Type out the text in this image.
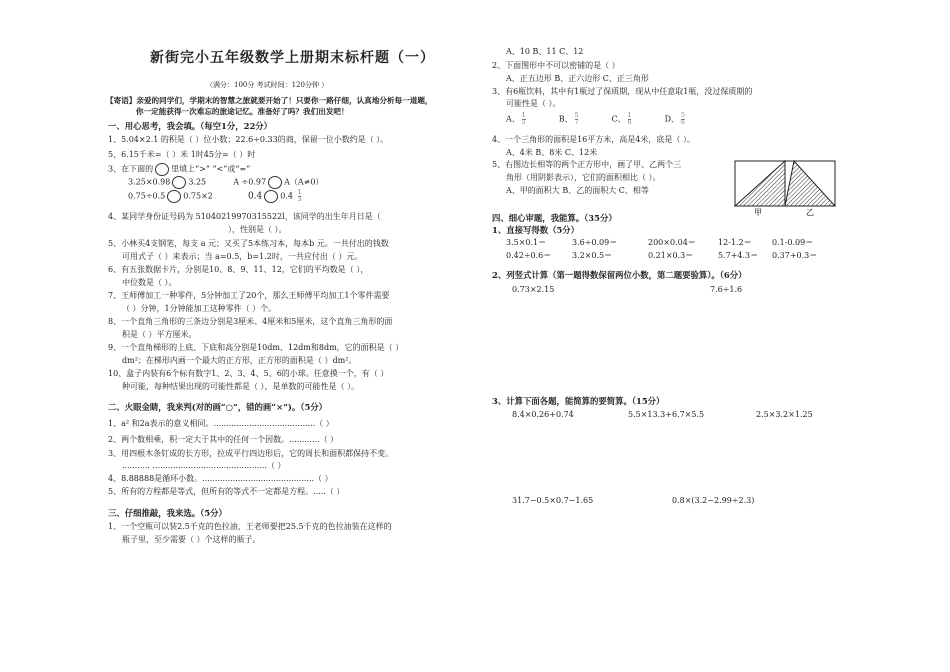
新街完小五年级数学上册期末标杆题（一）
（满分：100分 考试时间：120分钟 ）
【寄语】亲爱的同学们，学期末的智慧之旅就要开始了！只要你一路仔细，认真地分析每一道题，
你一定能获得一次难忘的旅途记忆。准备好了吗？我们出发吧！
一、用心思考，我会填。（每空1分，22分）
1、5.04×2.1 的积是（ ）位小数；22.6÷0.33的商，保留一位小数约是（ ）。
5、6.15千米=（ ）米 1时45分=（ ）时
3、在下面的 里填上“>” “<”或“=”
3.25×0.98 3.25	A ÷0.97 A（A≠0）
0.75÷0.5 0.75×2	0.4 $0.4 \frac{1}{3}$
4、某同学身份证号码为 51040219970315522l，该同学的出生年月日是（
），性别是（ ）。
5、小林买4支钢笔，每支 a 元；又买了5本练习本，每本b 元。一共付出的钱数
可用式子（ ）来表示；当 a=0.5，b=1.2时，一共应付出（ ）元。
6、有五张数据卡片，分别是10、8、9、11、12，它们的平均数是（ ），
中位数是（ ）。
7、王师傅加工一种零件，5分钟加工了20个，那么王师傅平均加工1个零件需要
（ ）分钟，1分钟能加工这种零件（ ）个。
8、一个直角三角形的三条边分别是3厘米、4厘米和5厘米，这个直角三角形的面
积是（ ）平方厘米。
9、一个直角梯形的上底、下底和高分别是10dm、12dm和8dm，它的面积是（ ）
dm²；在梯形内画一个最大的正方形，正方形的面积是（ ）dm²。
10、盒子内装有6个标有数字1、2、3、4、5、6的小球。任意摸一个，有（ ）
种可能，每种结果出现的可能性都是（ ），是单数的可能性是（ ）。
二、火眼金睛，我来判(对的画“○”，错的画“×”)。（5分）
1、a² 和2a表示的意义相同。........................................（ ）
2、两个数相乘，积一定大于其中的任何一个因数。............（ ）
3、用四根木条钉成的长方形，拉成平行四边形后，它的周长和面积都保持不变。
........... .............................................（ ）
4、8.88888是循环小数。............................................（ ）
5、所有的方程都是等式，但所有的等式不一定都是方程。.....（ ）
三、仔细推敲，我来选。（5分）
1、一个空瓶可以装2.5千克的色拉油，王老师要把25.5千克的色拉油装在这样的
瓶子里，至少需要（ ）个这样的瓶子。
A、10 B、11 C、12
2、下面图形中不可以密铺的是（ ）
A、正五边形 B、正六边形 C、正三角形
3、有6瓶饮料，其中有1瓶过了保质期，现从中任意取1瓶，没过保质期的
可能性是（ ）。
A、 $\frac{1}{5}$	B、 $\frac{5}{7}$	C、 $\frac{1}{6}$	D、 $\frac{5}{6}$
4、一个三角形的面积是16平方米，高是4米，底是（ ）。
A、4米 B、8米 C、12米
5、右图边长相等的两个正方形中，画了甲、乙两个三
角形（用阴影表示），它们的面积相比（ ）。
A、甲的面积大 B、乙的面积大 C、相等
四、细心审题，我能算。（35分）
1、直接写得数（5分）
3.5×0.1＝	3.6÷0.09＝	200×0.04＝	12-1.2＝	0.1-0.09＝
0.42÷0.6＝	3.2×0.5＝	0.21×0.3＝	5.7+4.3＝ 0.37+0.3＝
2、列竖式计算（第一题得数保留两位小数，第二题要验算）。（6分）
0.73×2.15	7.6÷1.6
3、计算下面各题，能简算的要简算。（15分）
8.4×0.26+0.74	5.5×13.3+6.7×5.5	2.5×3.2×1.25
31.7−0.5×0.7−1.65	0.8×(3.2−2.99÷2.3)
甲	乙
